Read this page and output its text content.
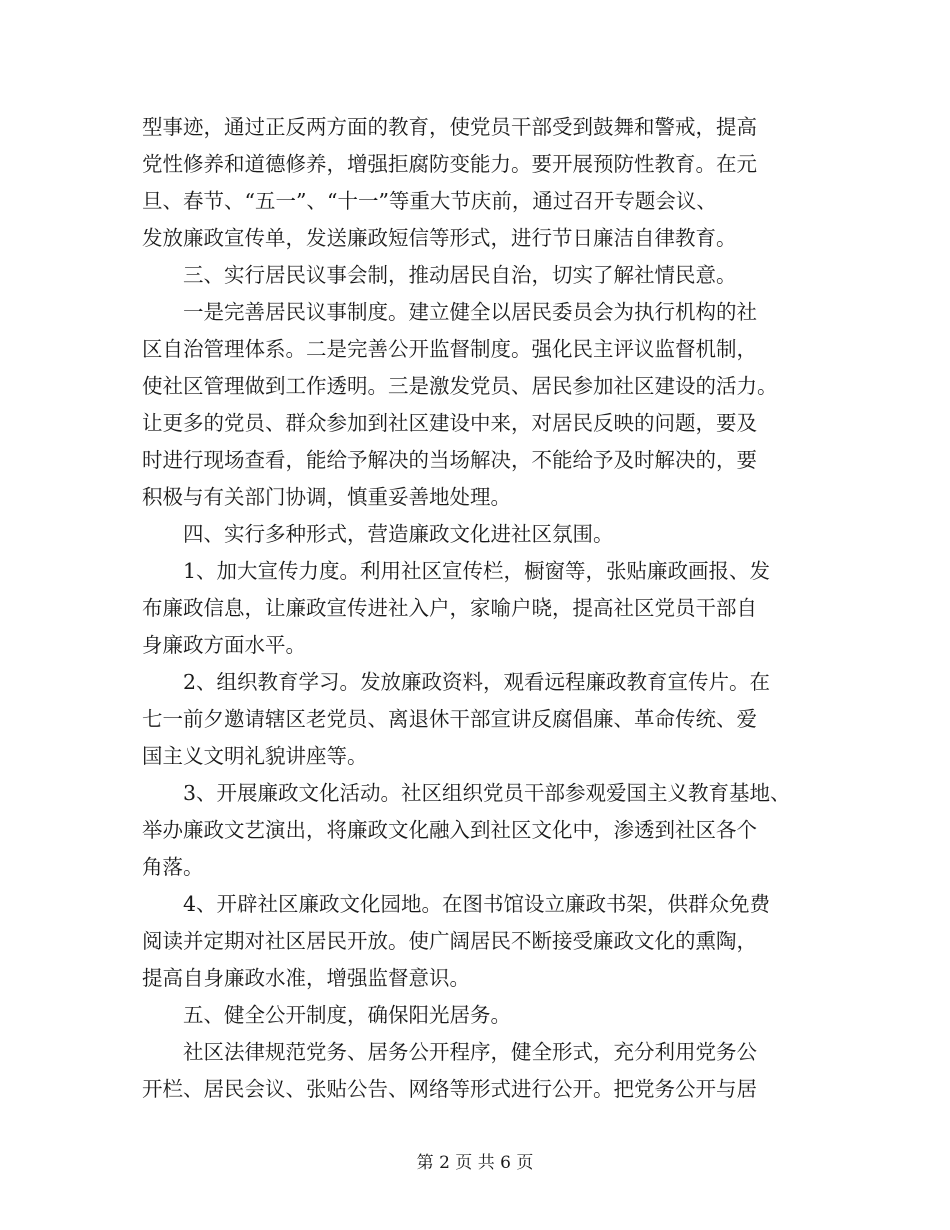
型事迹，通过正反两方面的教育，使党员干部受到鼓舞和警戒，提高
党性修养和道德修养，增强拒腐防变能力。要开展预防性教育。在元
旦、春节、“五一”、“十一”等重大节庆前，通过召开专题会议、
发放廉政宣传单，发送廉政短信等形式，进行节日廉洁自律教育。
　　三、实行居民议事会制，推动居民自治，切实了解社情民意。
　　一是完善居民议事制度。建立健全以居民委员会为执行机构的社
区自治管理体系。二是完善公开监督制度。强化民主评议监督机制，
使社区管理做到工作透明。三是激发党员、居民参加社区建设的活力。
让更多的党员、群众参加到社区建设中来，对居民反映的问题，要及
时进行现场查看，能给予解决的当场解决，不能给予及时解决的，要
积极与有关部门协调，慎重妥善地处理。
　　四、实行多种形式，营造廉政文化进社区氛围。
　　1、加大宣传力度。利用社区宣传栏，橱窗等，张贴廉政画报、发
布廉政信息，让廉政宣传进社入户，家喻户晓，提高社区党员干部自
身廉政方面水平。
　　2、组织教育学习。发放廉政资料，观看远程廉政教育宣传片。在
七一前夕邀请辖区老党员、离退休干部宣讲反腐倡廉、革命传统、爱
国主义文明礼貌讲座等。
　　3、开展廉政文化活动。社区组织党员干部参观爱国主义教育基地、
举办廉政文艺演出，将廉政文化融入到社区文化中，渗透到社区各个
角落。
　　4、开辟社区廉政文化园地。在图书馆设立廉政书架，供群众免费
阅读并定期对社区居民开放。使广阔居民不断接受廉政文化的熏陶，
提高自身廉政水准，增强监督意识。
　　五、健全公开制度，确保阳光居务。
　　社区法律规范党务、居务公开程序，健全形式，充分利用党务公
开栏、居民会议、张贴公告、网络等形式进行公开。把党务公开与居
第 2 页 共 6 页
